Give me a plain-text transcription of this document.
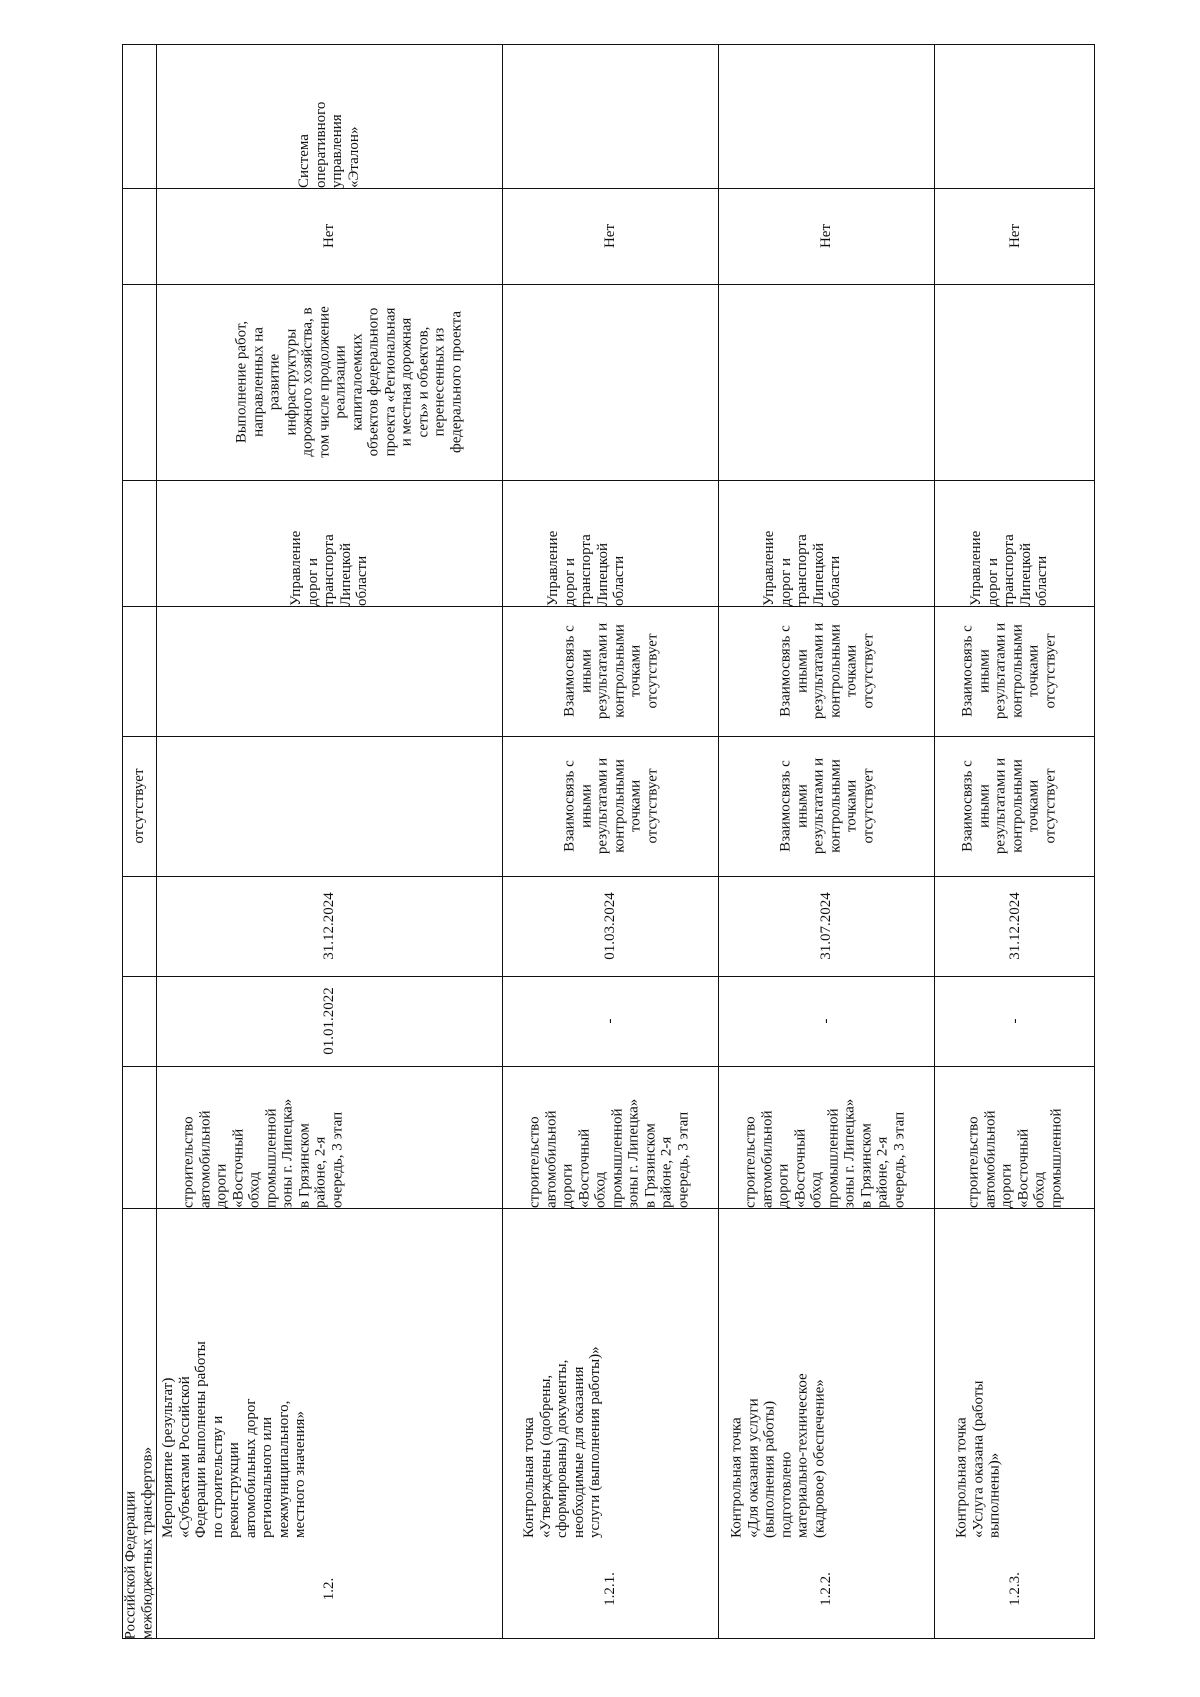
Российской Федерации
межбюджетных трансфертов»
отсутствует
1.2.
Мероприятие (результат)
«Субъектами Российской
Федерации выполнены работы
по строительству и
реконструкции
автомобильных дорог
регионального или
межмуниципального,
местного значения»
строительство
автомобильной
дороги
«Восточный
обход
промышленной
зоны г. Липецка»
в Грязинском
районе, 2-я
очередь, 3 этап
01.01.2022
31.12.2024
Управление
дорог и
транспорта
Липецкой
области
Выполнение работ,
направленных на
развитие
инфраструктуры
дорожного хозяйства, в
том числе продолжение
реализации
капиталоемких
объектов федерального
проекта «Региональная
и местная дорожная
сеть» и объектов,
перенесенных из
федерального проекта
Нет
Система
оперативного
управления
«Эталон»
1.2.1.
Контрольная точка
«Утверждены (одобрены,
сформированы) документы,
необходимые для оказания
услуги (выполнения работы)»
строительство
автомобильной
дороги
«Восточный
обход
промышленной
зоны г. Липецка»
в Грязинском
районе, 2-я
очередь, 3 этап
-
01.03.2024
Взаимосвязь с
иными
результатами и
контрольными
точками
отсутствует
Взаимосвязь с
иными
результатами и
контрольными
точками
отсутствует
Управление
дорог и
транспорта
Липецкой
области
Нет
1.2.2.
Контрольная точка
«Для оказания услуги
(выполнения работы)
подготовлено
материально-техническое
(кадровое) обеспечение»
строительство
автомобильной
дороги
«Восточный
обход
промышленной
зоны г. Липецка»
в Грязинском
районе, 2-я
очередь, 3 этап
-
31.07.2024
Взаимосвязь с
иными
результатами и
контрольными
точками
отсутствует
Взаимосвязь с
иными
результатами и
контрольными
точками
отсутствует
Управление
дорог и
транспорта
Липецкой
области
Нет
1.2.3.
Контрольная точка
«Услуга оказана (работы
выполнены)»
строительство
автомобильной
дороги
«Восточный
обход
промышленной
-
31.12.2024
Взаимосвязь с
иными
результатами и
контрольными
точками
отсутствует
Взаимосвязь с
иными
результатами и
контрольными
точками
отсутствует
Управление
дорог и
транспорта
Липецкой
области
Нет
